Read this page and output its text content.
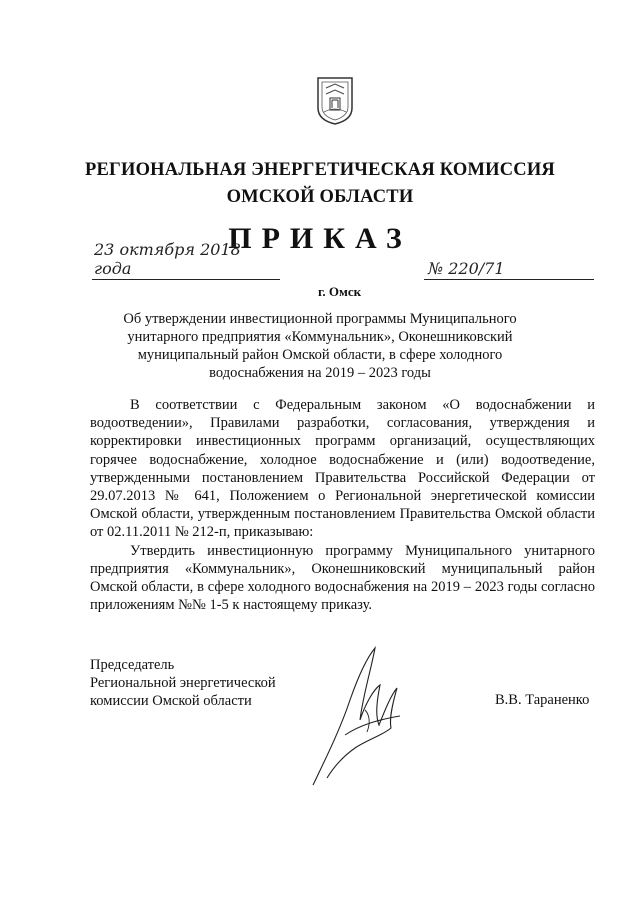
РЕГИОНАЛЬНАЯ ЭНЕРГЕТИЧЕСКАЯ КОМИССИЯ
ОМСКОЙ ОБЛАСТИ
ПРИКАЗ
23 октября 2018 года	№ 220/71
г. Омск
Об утверждении инвестиционной программы Муниципального унитарного предприятия «Коммунальник», Оконешниковский муниципальный район Омской области, в сфере холодного водоснабжения на 2019 – 2023 годы

В соответствии с Федеральным законом «О водоснабжении и водоотведении», Правилами разработки, согласования, утверждения и корректировки инвестиционных программ организаций, осуществляющих горячее водоснабжение, холодное водоснабжение и (или) водоотведение, утвержденными постановлением Правительства Российской Федерации от 29.07.2013 № 641, Положением о Региональной энергетической комиссии Омской области, утвержденным постановлением Правительства Омской области от 02.11.2011 № 212-п, приказываю:

Утвердить инвестиционную программу Муниципального унитарного предприятия «Коммунальник», Оконешниковский муниципальный район Омской области, в сфере холодного водоснабжения на 2019 – 2023 годы согласно приложениям №№ 1-5 к настоящему приказу.

Председатель
Региональной энергетической
комиссии Омской области	В.В. Тараненко
